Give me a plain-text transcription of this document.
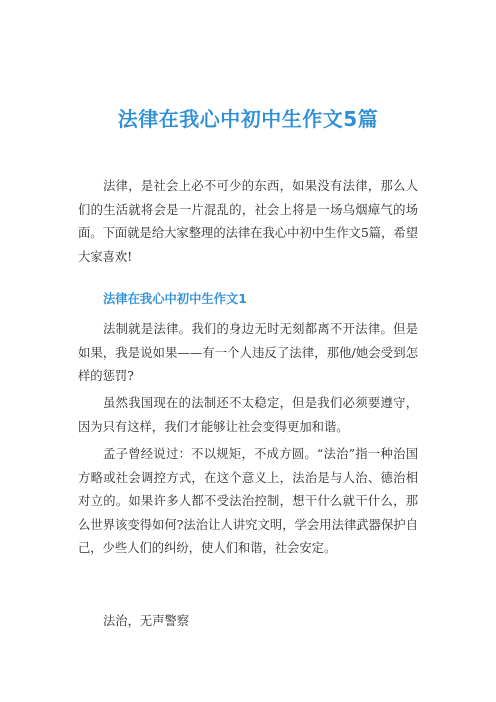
法律在我心中初中生作文5篇

法律，是社会上必不可少的东西，如果没有法律，那么人们的生活就将会是一片混乱的，社会上将是一场乌烟瘴气的场面。下面就是给大家整理的法律在我心中初中生作文5篇，希望大家喜欢!

法律在我心中初中生作文1

法制就是法律。我们的身边无时无刻都离不开法律。但是如果，我是说如果——有一个人违反了法律，那他/她会受到怎样的惩罚?

虽然我国现在的法制还不太稳定，但是我们必须要遵守，因为只有这样，我们才能够让社会变得更加和谐。

孟子曾经说过：不以规矩，不成方圆。“法治”指一种治国方略或社会调控方式，在这个意义上，法治是与人治、德治相对立的。如果许多人都不受法治控制，想干什么就干什么，那么世界该变得如何?法治让人讲究文明，学会用法律武器保护自己，少些人们的纠纷，使人们和谐，社会安定。

法治，无声警察
